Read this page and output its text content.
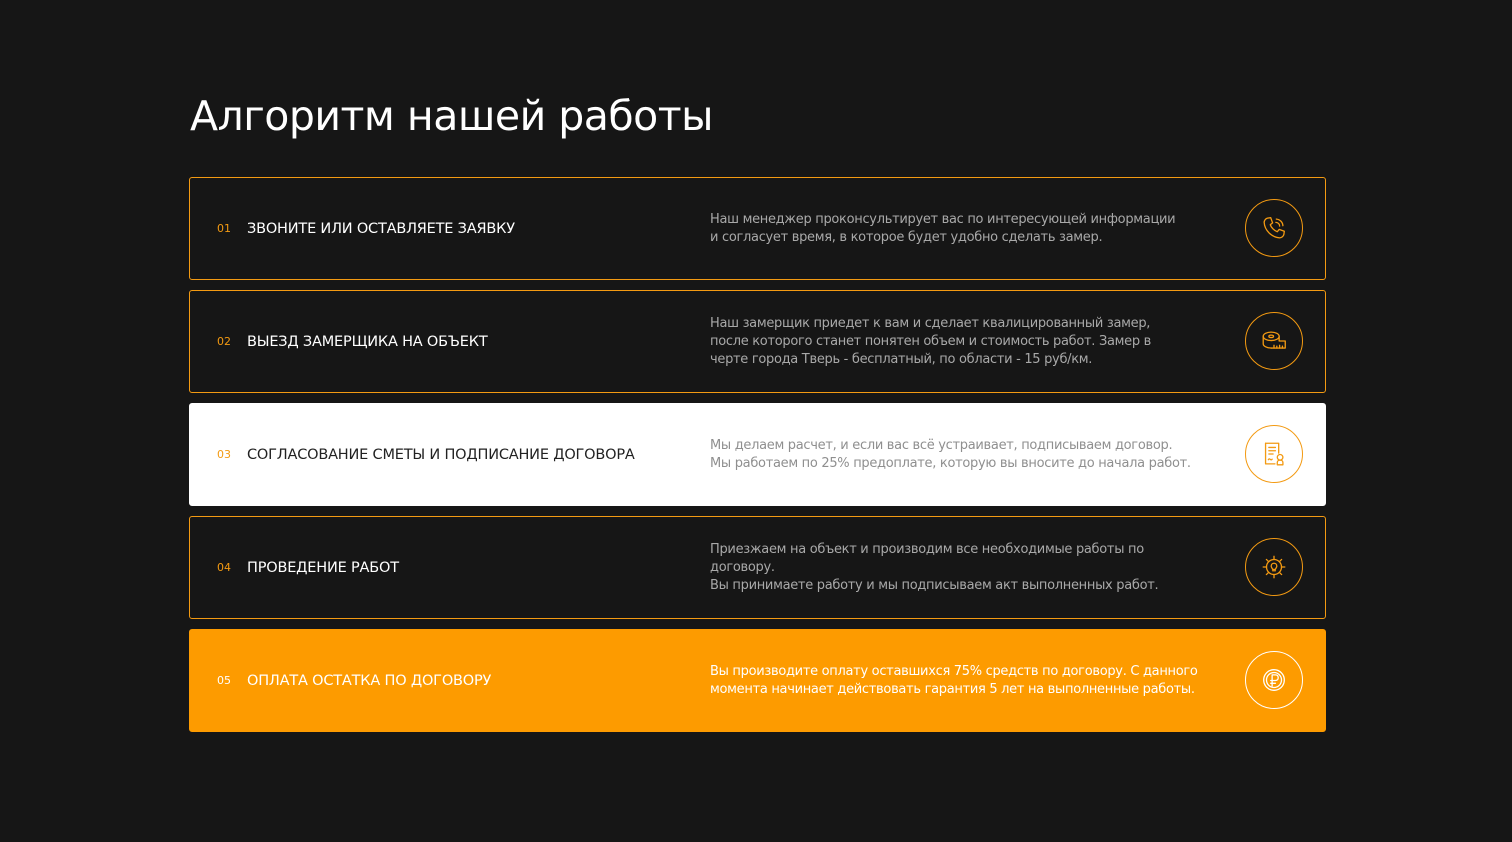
Алгоритм нашей работы
01 ЗВОНИТЕ ИЛИ ОСТАВЛЯЕТЕ ЗАЯВКУ
Наш менеджер проконсультирует вас по интересующей информации
и согласует время, в которое будет удобно сделать замер.
02 ВЫЕЗД ЗАМЕРЩИКА НА ОБЪЕКТ
Наш замерщик приедет к вам и сделает квалицированный замер,
после которого станет понятен объем и стоимость работ. Замер в
черте города Тверь - бесплатный, по области - 15 руб/км.
03 СОГЛАСОВАНИЕ СМЕТЫ И ПОДПИСАНИЕ ДОГОВОРА
Мы делаем расчет, и если вас всё устраивает, подписываем договор.
Мы работаем по 25% предоплате, которую вы вносите до начала работ.
04 ПРОВЕДЕНИЕ РАБОТ
Приезжаем на объект и производим все необходимые работы по договору.
Вы принимаете работу и мы подписываем акт выполненных работ.
05 ОПЛАТА ОСТАТКА ПО ДОГОВОРУ
Вы производите оплату оставшихся 75% средств по договору. С данного
момента начинает действовать гарантия 5 лет на выполненные работы.
